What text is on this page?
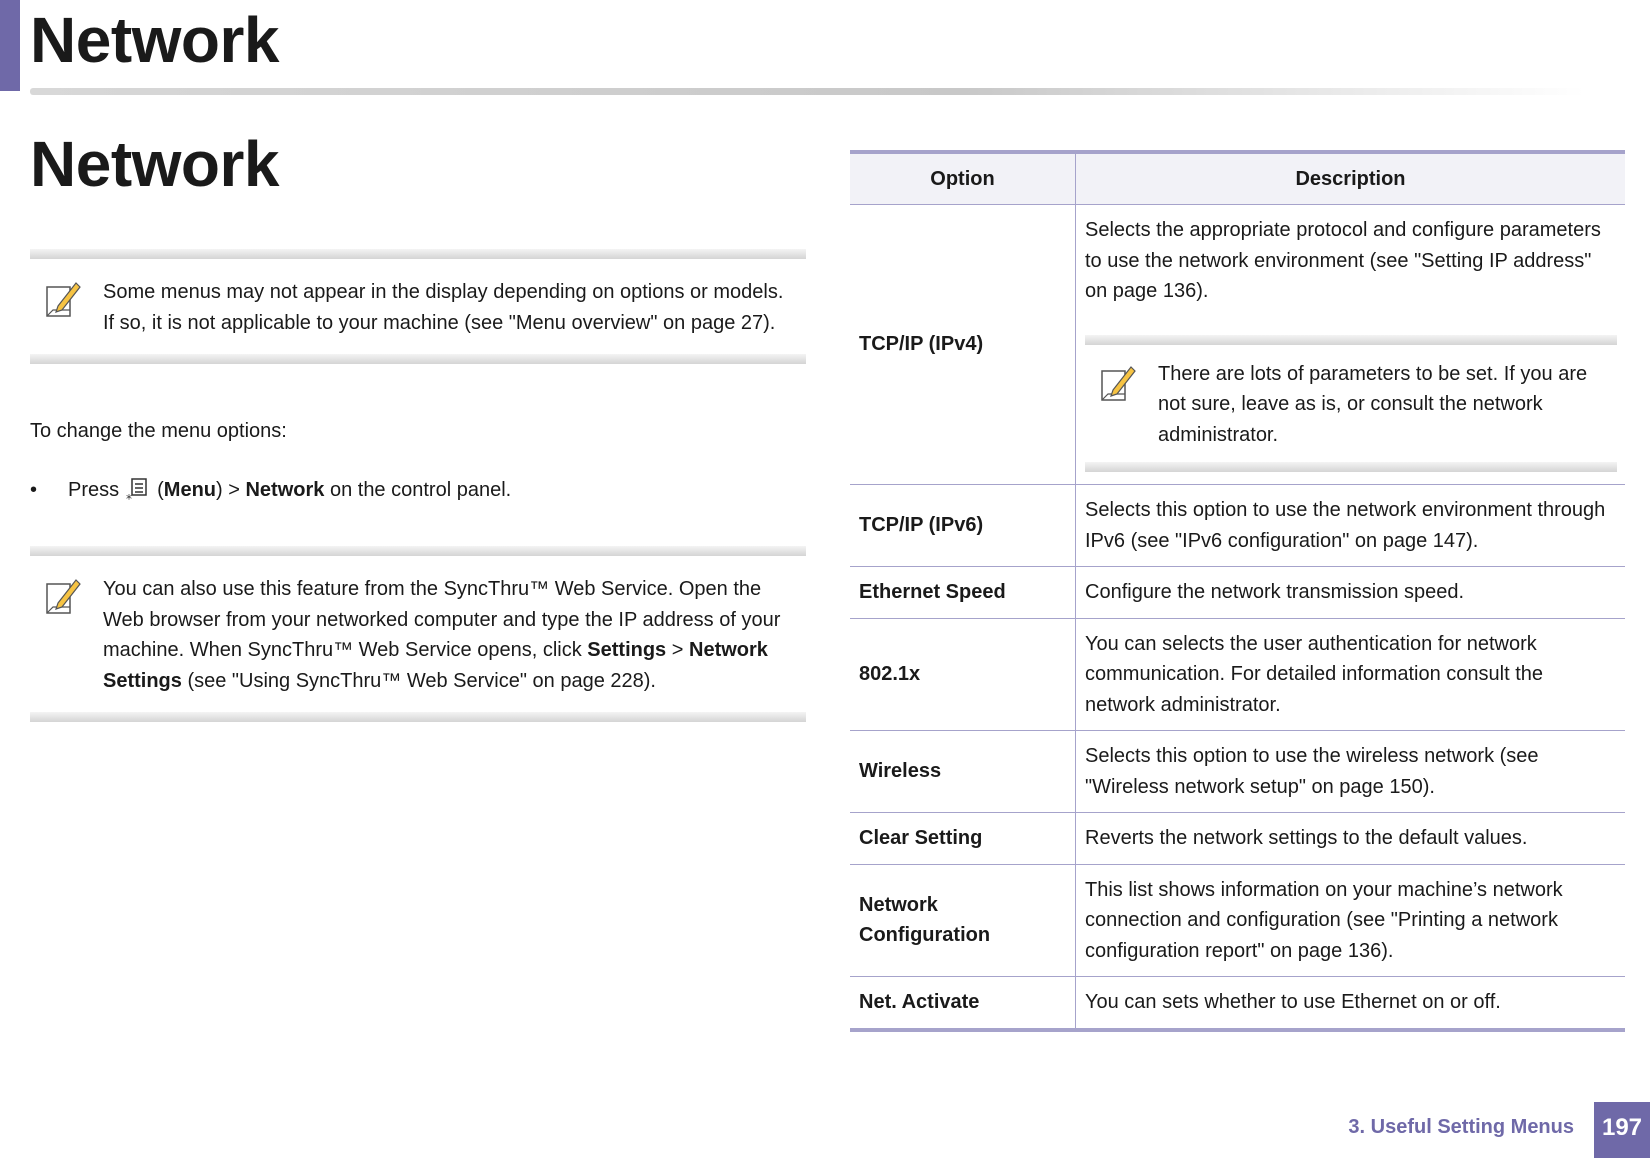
Network
Network
Some menus may not appear in the display depending on options or models. If so, it is not applicable to your machine (see "Menu overview" on page 27).
To change the menu options:
•	Press * ( Menu ) >
Network
on the control panel.
You can also use this feature from the SyncThru™ Web Service. Open the Web browser from your networked computer and type the IP address of your machine. When SyncThru™ Web Service opens, click Settings > Network Settings (see "Using SyncThru™ Web Service" on page 228).
Option	Description
TCP/IP (IPv4)	Selects the appropriate protocol and configure parameters to use the network environment (see "Setting IP address" on page 136).
There are lots of parameters to be set. If you are not sure, leave as is, or consult the network administrator.

TCP/IP (IPv6)	Selects this option to use the network environment through IPv6 (see "IPv6 configuration" on page 147).
Ethernet Speed	Configure the network transmission speed.
802.1x	You can selects the user authentication for network communication. For detailed information consult the network administrator.
Wireless	Selects this option to use the wireless network (see "Wireless network setup" on page 150).
Clear Setting	Reverts the network settings to the default values.
Network Configuration	This list shows information on your machine’s network connection and configuration (see "Printing a network configuration report" on page 136).
Net. Activate	You can sets whether to use Ethernet on or off.
3. Useful Setting Menus	197
